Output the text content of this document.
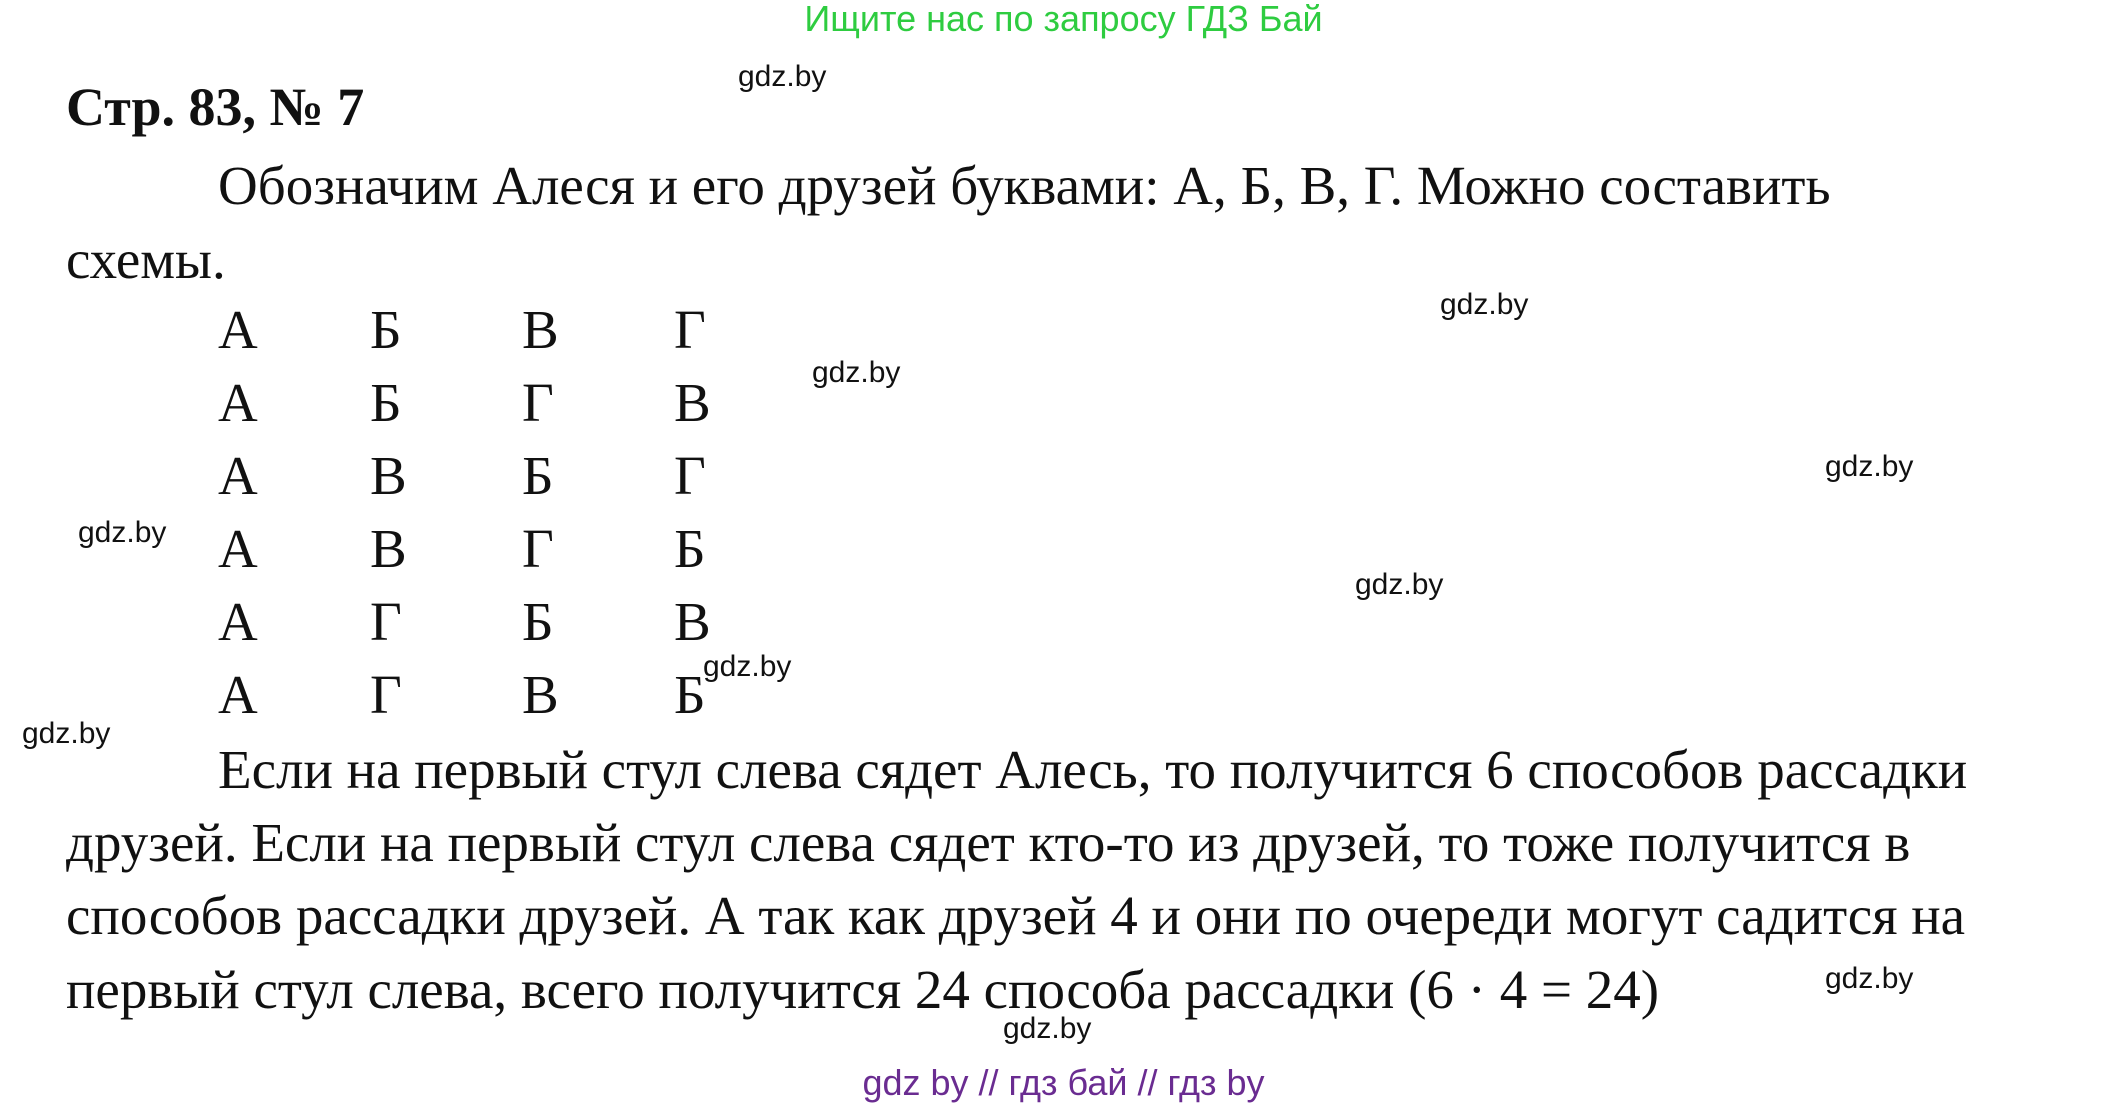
Ищите нас по запросу ГДЗ Бай
Стр. 83, № 7
Обозначим Алеся и его друзей буквами: А, Б, В, Г. Можно составить
схемы.
А Б В Г
А Б Г В
А В Б Г
А В Г Б
А Г Б В
А Г В Б
Если на первый стул слева сядет Алесь, то получится 6 способов рассадки
друзей. Если на первый стул слева сядет кто-то из друзей, то тоже получится в
способов рассадки друзей. А так как друзей 4 и они по очереди могут садится на
первый стул слева, всего получится 24 способа рассадки (6 · 4 = 24)
gdz.by
gdz.by
gdz.by
gdz.by
gdz.by
gdz.by
gdz.by
gdz.by
gdz.by
gdz.by
gdz by // гдз бай // гдз by
